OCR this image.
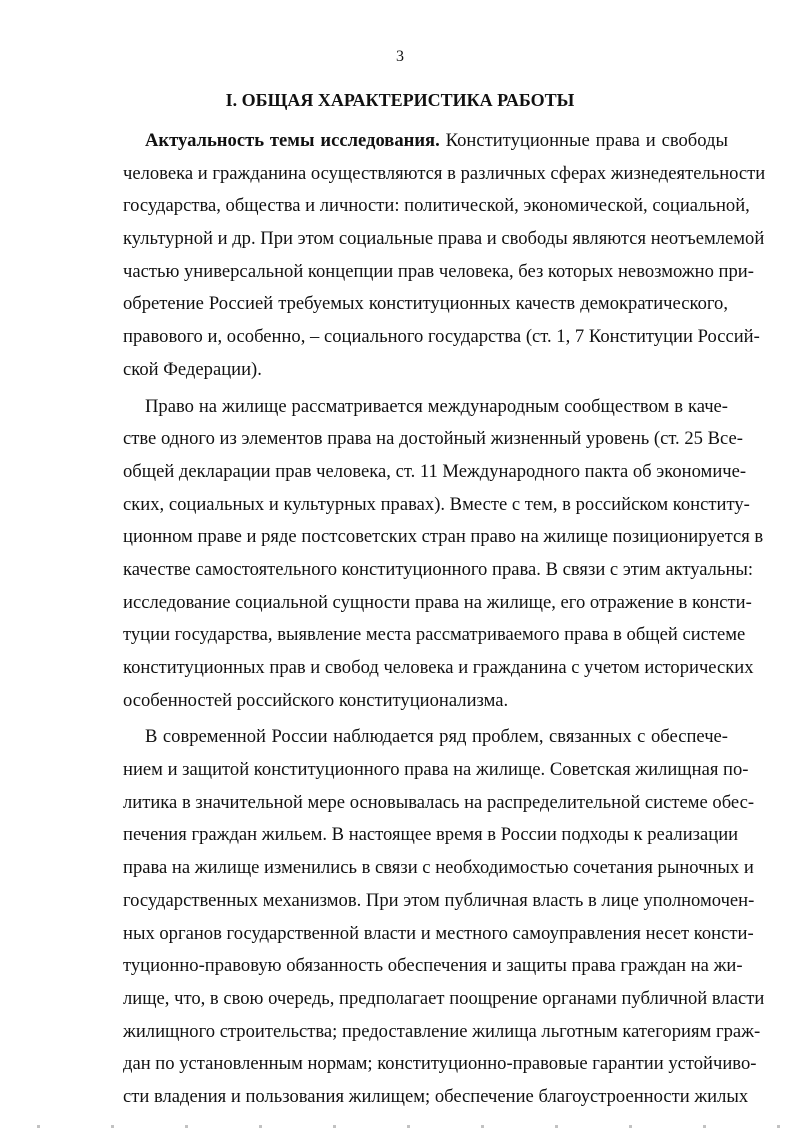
3
I. ОБЩАЯ ХАРАКТЕРИСТИКА РАБОТЫ
Актуальность темы исследования. Конституционные права и свободы
человека и гражданина осуществляются в различных сферах жизнедеятельности
государства, общества и личности: политической, экономической, социальной,
культурной и др. При этом социальные права и свободы являются неотъемлемой
частью универсальной концепции прав человека, без которых невозможно при-
обретение Россией требуемых конституционных качеств демократического,
правового и, особенно, – социального государства (ст. 1, 7 Конституции Россий-
ской Федерации).
Право на жилище рассматривается международным сообществом в каче-
стве одного из элементов права на достойный жизненный уровень (ст. 25 Все-
общей декларации прав человека, ст. 11 Международного пакта об экономиче-
ских, социальных и культурных правах). Вместе с тем, в российском конститу-
ционном праве и ряде постсоветских стран право на жилище позиционируется в
качестве самостоятельного конституционного права. В связи с этим актуальны:
исследование социальной сущности права на жилище, его отражение в консти-
туции государства, выявление места рассматриваемого права в общей системе
конституционных прав и свобод человека и гражданина с учетом исторических
особенностей российского конституционализма.
В современной России наблюдается ряд проблем, связанных с обеспече-
нием и защитой конституционного права на жилище. Советская жилищная по-
литика в значительной мере основывалась на распределительной системе обес-
печения граждан жильем. В настоящее время в России подходы к реализации
права на жилище изменились в связи с необходимостью сочетания рыночных и
государственных механизмов. При этом публичная власть в лице уполномочен-
ных органов государственной власти и местного самоуправления несет консти-
туционно-правовую обязанность обеспечения и защиты права граждан на жи-
лище, что, в свою очередь, предполагает поощрение органами публичной власти
жилищного строительства; предоставление жилища льготным категориям граж-
дан по установленным нормам; конституционно-правовые гарантии устойчиво-
сти владения и пользования жилищем; обеспечение благоустроенности жилых
